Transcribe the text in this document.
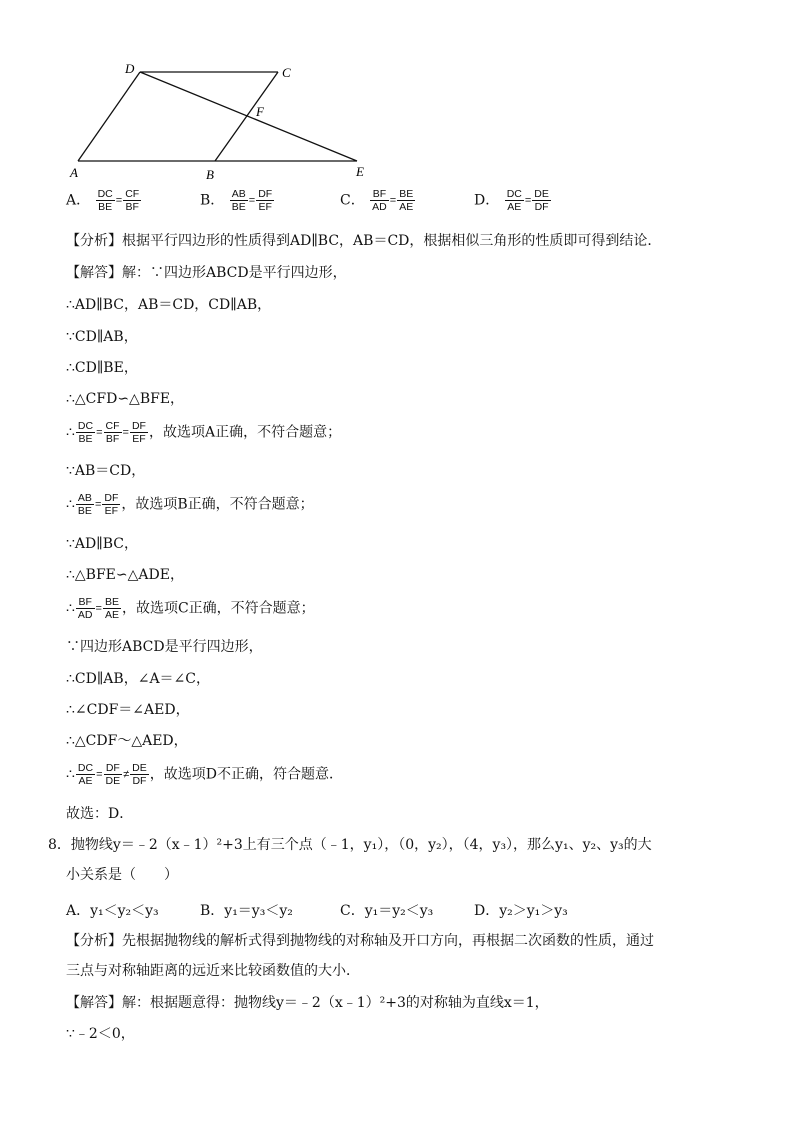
A	B
C
D
E
F
A． $\frac{DC}{BE} = \frac{CF}{BF}$	B． $\frac{AB}{BE} = \frac{DF}{EF}$	C． $\frac{BF}{AD} = \frac{BE}{AE}$	D． $\frac{DC}{AE} = \frac{DE}{DF}$
【分析】根据平行四边形的性质得到AD∥BC，AB＝CD，根据相似三角形的性质即可得到结论．
【解答】解：∵四边形ABCD是平行四边形，
∴AD∥BC，AB＝CD，CD∥AB，
∵CD∥AB，
∴CD∥BE，
∴△CFD∽△BFE，
∴ $\frac{DC}{BE} = \frac{CF}{BF} = \frac{DF}{EF}$ ，故选项A正确，不符合题意；
∵AB＝CD，
∴ $\frac{AB}{BE} = \frac{DF}{EF}$ ，故选项B正确，不符合题意；
∵AD∥BC，
∴△BFE∽△ADE，
∴ $\frac{BF}{AD} = \frac{BE}{AE}$ ，故选项C正确，不符合题意；
∵四边形ABCD是平行四边形，
∴CD∥AB，∠A＝∠C，
∴∠CDF＝∠AED，
∴△CDF～△AED，
∴ $\frac{DC}{AE} = \frac{DF}{DE} \ne \frac{DE}{DF}$ ，故选项D不正确，符合题意．
故选：D．
8．抛物线y＝﹣2（x﹣1）²+3上有三个点（﹣1，y₁），（0，y₂），（4，y₃），那么y₁、y₂、y₃的大
小关系是（　　）
A．y₁＜y₂＜y₃	B．y₁＝y₃＜y₂	C．y₁＝y₂＜y₃	D．y₂＞y₁＞y₃
【分析】先根据抛物线的解析式得到抛物线的对称轴及开口方向，再根据二次函数的性质，通过
三点与对称轴距离的远近来比较函数值的大小．
【解答】解：根据题意得：抛物线y＝﹣2（x﹣1）²+3的对称轴为直线x＝1，
∵﹣2＜0，
